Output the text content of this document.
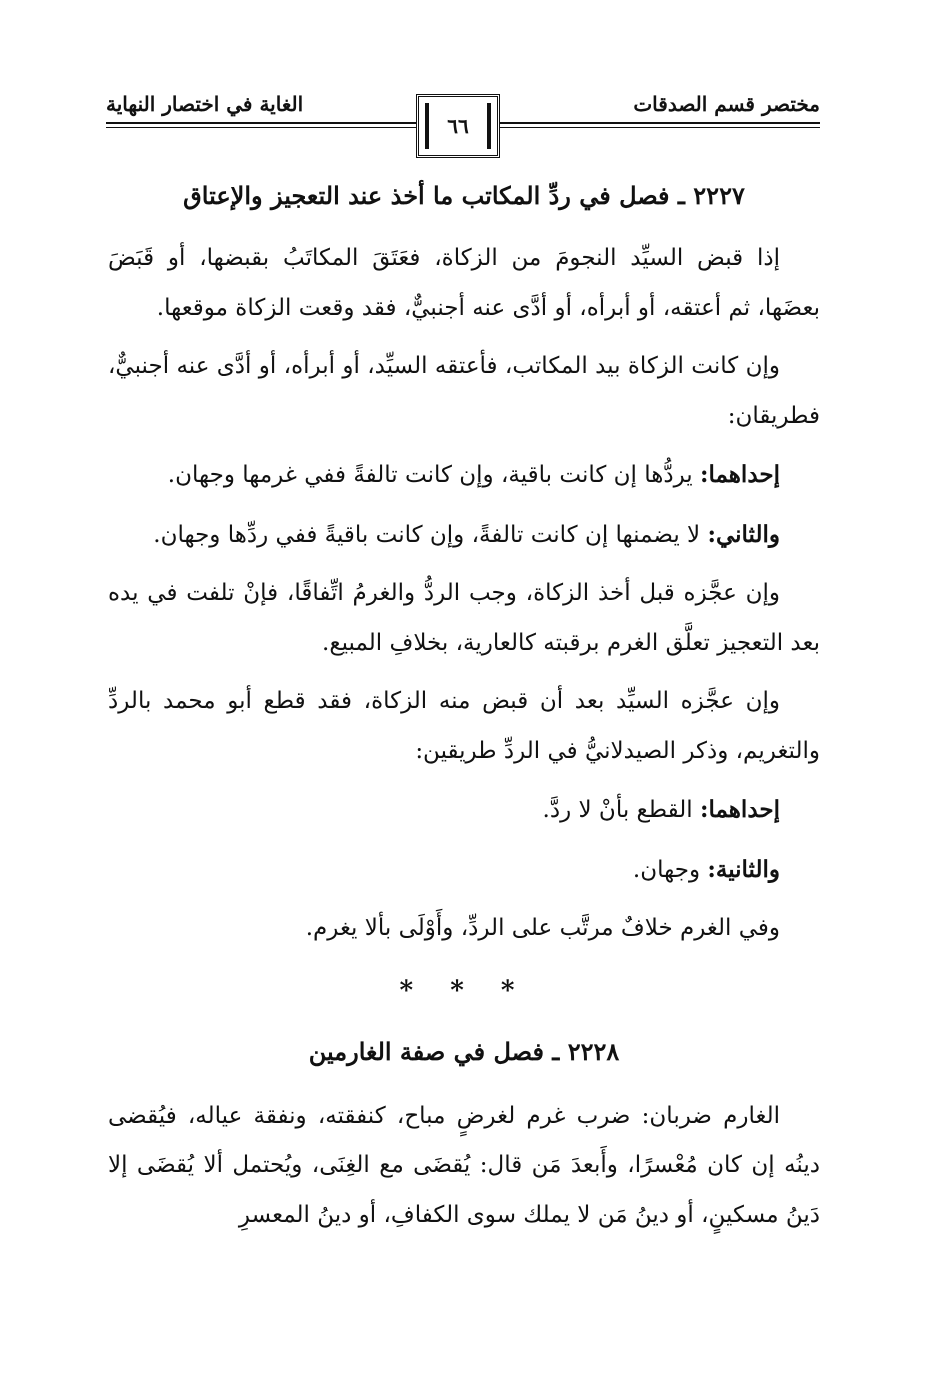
مختصر قسم الصدقات
الغاية في اختصار النهاية
٦٦
٢٢٢٧ ـ فصل في ردِّ المكاتب ما أخذ عند التعجيز والإعتاق

إذا قبض السيِّد النجومَ من الزكاة، فعَتَقَ المكاتَبُ بقبضها، أو قَبَضَ بعضَها، ثم أعتقه، أو أبرأه، أو أدَّى عنه أجنبيٌّ، فقد وقعت الزكاة موقعها.

وإن كانت الزكاة بيد المكاتب، فأعتقه السيِّد، أو أبرأه، أو أدَّى عنه أجنبيٌّ، فطريقان:

إحداهما: يردُّها إن كانت باقية، وإن كانت تالفةً ففي غرمها وجهان.

والثاني: لا يضمنها إن كانت تالفةً، وإن كانت باقيةً ففي ردِّها وجهان.

وإن عجَّزه قبل أخذ الزكاة، وجب الردُّ والغرمُ اتِّفاقًا، فإنْ تلفت في يده بعد التعجيز تعلَّق الغرم برقبته كالعارية، بخلافِ المبيع.

وإن عجَّزه السيِّد بعد أن قبض منه الزكاة، فقد قطع أبو محمد بالردِّ والتغريم، وذكر الصيدلانيُّ في الردِّ طريقين:

إحداهما: القطع بأنْ لا ردَّ.

والثانية: وجهان.

وفي الغرم خلافٌ مرتَّب على الردِّ، وأَوْلَى بألا يغرم.

* * *
٢٢٢٨ ـ فصل في صفة الغارمين

الغارم ضربان: ضرب غرم لغرضٍ مباح، كنفقته، ونفقة عياله، فيُقضى دينُه إن كان مُعْسرًا، وأَبعدَ مَن قال: يُقضَى مع الغِنَى، ويُحتمل ألا يُقضَى إلا دَينُ مسكينٍ، أو دينُ مَن لا يملك سوى الكفافِ، أو دينُ المعسرِ
